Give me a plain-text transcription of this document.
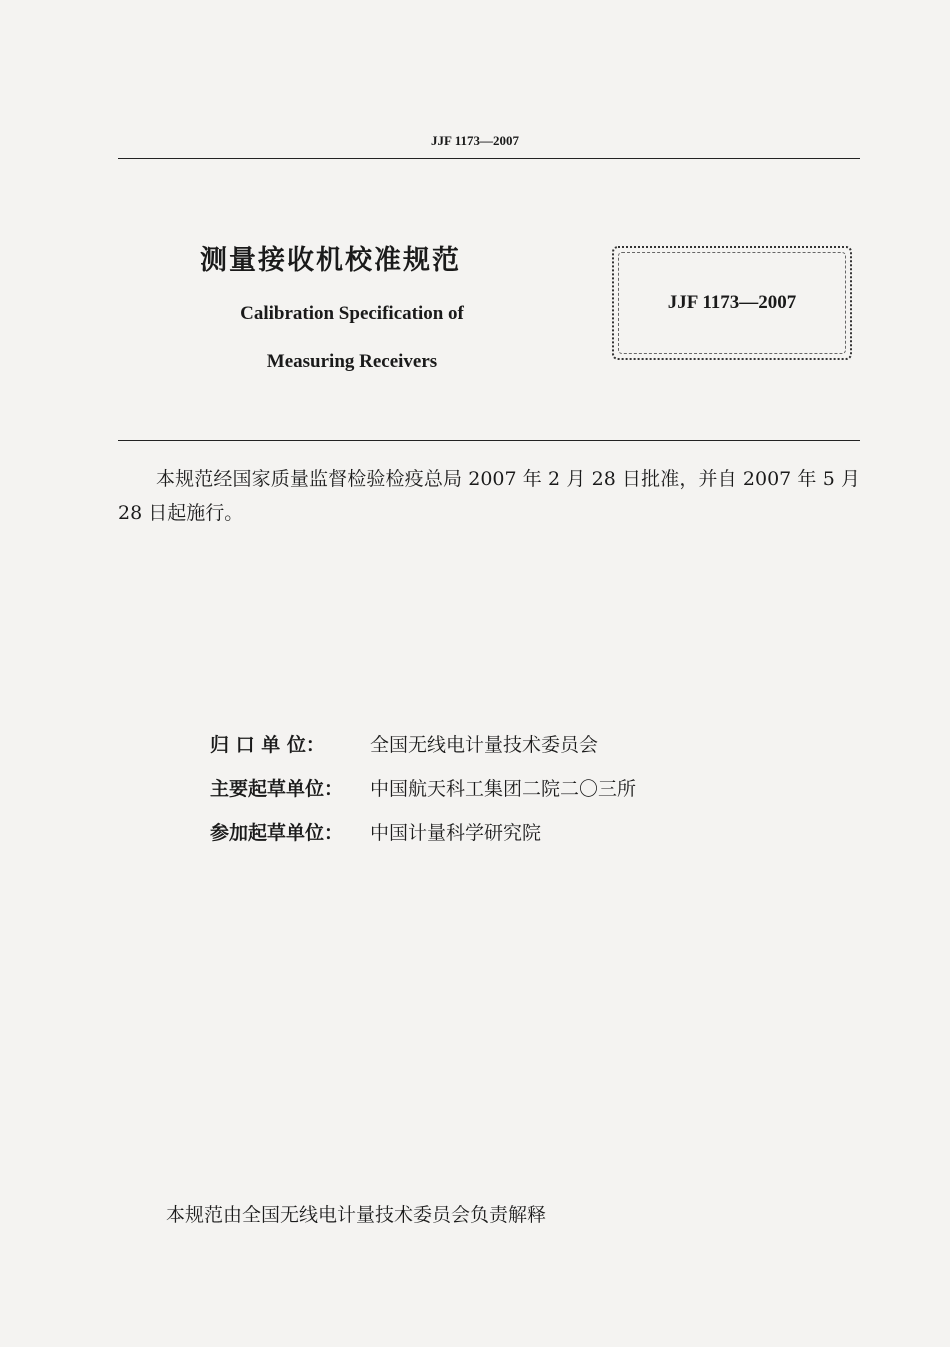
JJF 1173—2007
测量接收机校准规范
Calibration Specification of
Measuring Receivers
JJF 1173—2007
本规范经国家质量监督检验检疫总局 2007 年 2 月 28 日批准，并自 2007 年 5 月 28 日起施行。
归 口 单 位：	全国无线电计量技术委员会
主要起草单位：	中国航天科工集团二院二〇三所
参加起草单位：	中国计量科学研究院
本规范由全国无线电计量技术委员会负责解释
